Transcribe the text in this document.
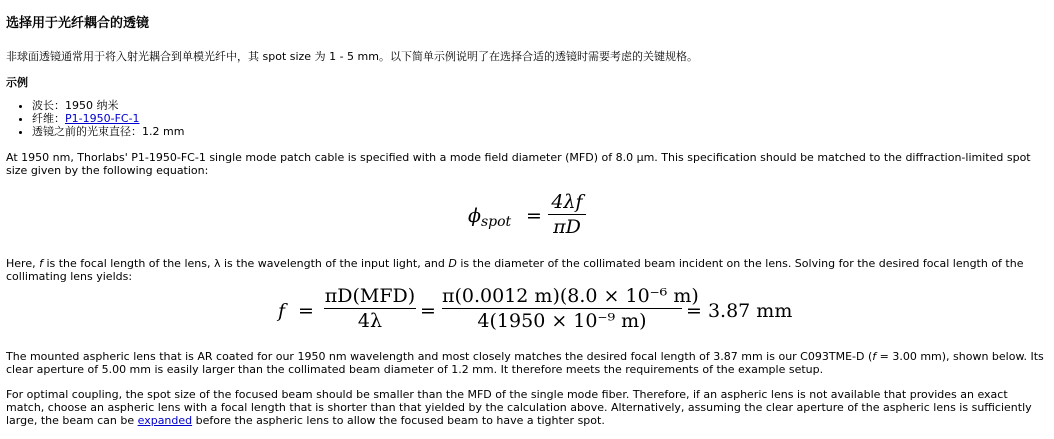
选择用于光纤耦合的透镜

非球面透镜通常用于将入射光耦合到单模光纤中，其 spot size 为 1 - 5 mm。以下简单示例说明了在选择合适的透镜时需要考虑的关键规格。

示例

• 波长：1950 纳米
• 纤维：P1-1950-FC-1
• 透镜之前的光束直径：1.2 mm

At 1950 nm, Thorlabs' P1-1950-FC-1 single mode patch cable is specified with a mode field diameter (MFD) of 8.0 µm. This specification should be matched to the diffraction-limited spot size given by the following equation:

$\phi_{spot}$ =
4λf
πD

Here, f is the focal length of the lens, λ is the wavelength of the input light, and D is the diameter of the collimated beam incident on the lens. Solving for the desired focal length of the collimating lens yields:

f =
πD(MFD)
4λ	=
π(0.0012 m)(8.0 × 10⁻⁶ m)
4(1950 × 10⁻⁹ m)	= 3.87 mm

The mounted aspheric lens that is AR coated for our 1950 nm wavelength and most closely matches the desired focal length of 3.87 mm is our C093TME-D (f = 3.00 mm), shown below. Its clear aperture of 5.00 mm is easily larger than the collimated beam diameter of 1.2 mm. It therefore meets the requirements of the example setup.

For optimal coupling, the spot size of the focused beam should be smaller than the MFD of the single mode fiber. Therefore, if an aspheric lens is not available that provides an exact match, choose an aspheric lens with a focal length that is shorter than that yielded by the calculation above. Alternatively, assuming the clear aperture of the aspheric lens is sufficiently large, the beam can be expanded before the aspheric lens to allow the focused beam to have a tighter spot.
